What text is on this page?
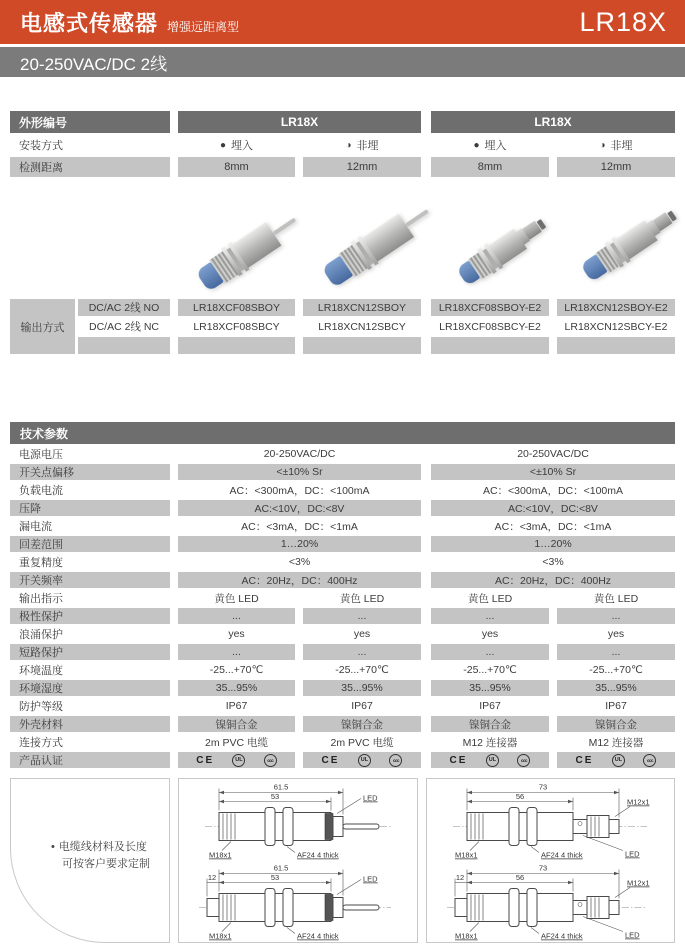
电感式传感器 增强远距离型	LR18X
20-250VAC/DC 2线
外形编号	LR18X	LR18X
安装方式	● 埋入	◑ 非埋	● 埋入	◑ 非埋
检测距离	8mm	12mm	8mm	12mm
输出方式
DC/AC 2线 NO	LR18XCF08SBOY	LR18XCN12SBOY	LR18XCF08SBOY-E2	LR18XCN12SBOY-E2
DC/AC 2线 NC	LR18XCF08SBCY	LR18XCN12SBCY	LR18XCF08SBCY-E2	LR18XCN12SBCY-E2
技术参数
电源电压	20-250VAC/DC	20-250VAC/DC
开关点偏移	<±10% Sr	<±10% Sr
负载电流	AC：<300mA，DC：<100mA	AC：<300mA，DC：<100mA
压降	AC:<10V，DC:<8V	AC:<10V，DC:<8V
漏电流	AC：<3mA，DC：<1mA	AC：<3mA，DC：<1mA
回差范围	1…20%	1…20%
重复精度	<3%	<3%
开关频率	AC：20Hz，DC：400Hz	AC：20Hz，DC：400Hz
输出指示	黄色 LED	黄色 LED	黄色 LED	黄色 LED
极性保护	...	...	...	...
浪涌保护	yes	yes	yes	yes
短路保护	...	...	...	...
环境温度	-25...+70℃	-25...+70℃	-25...+70℃	-25...+70℃
环境湿度	35...95%	35...95%	35...95%	35...95%
防护等级	IP67	IP67	IP67	IP67
外壳材料	镍铜合金	镍铜合金	镍铜合金	镍铜合金
连接方式	2m PVC 电缆	2m PVC 电缆	M12 连接器	M12 连接器
产品认证	CE	UL	ccc	CE	UL	ccc	CE	UL	ccc	CE	UL	ccc
• 电缆线材料及长度
可按客户要求定制
61.5
53	LED
M18x1	AF24 4 thick
61.5
53
12	LED
M18x1	AF24 4 thick
73
56
M12x1
LED
M18x1	AF24 4 thick
73
56
12
M12x1
LED
M18x1	AF24 4 thick
